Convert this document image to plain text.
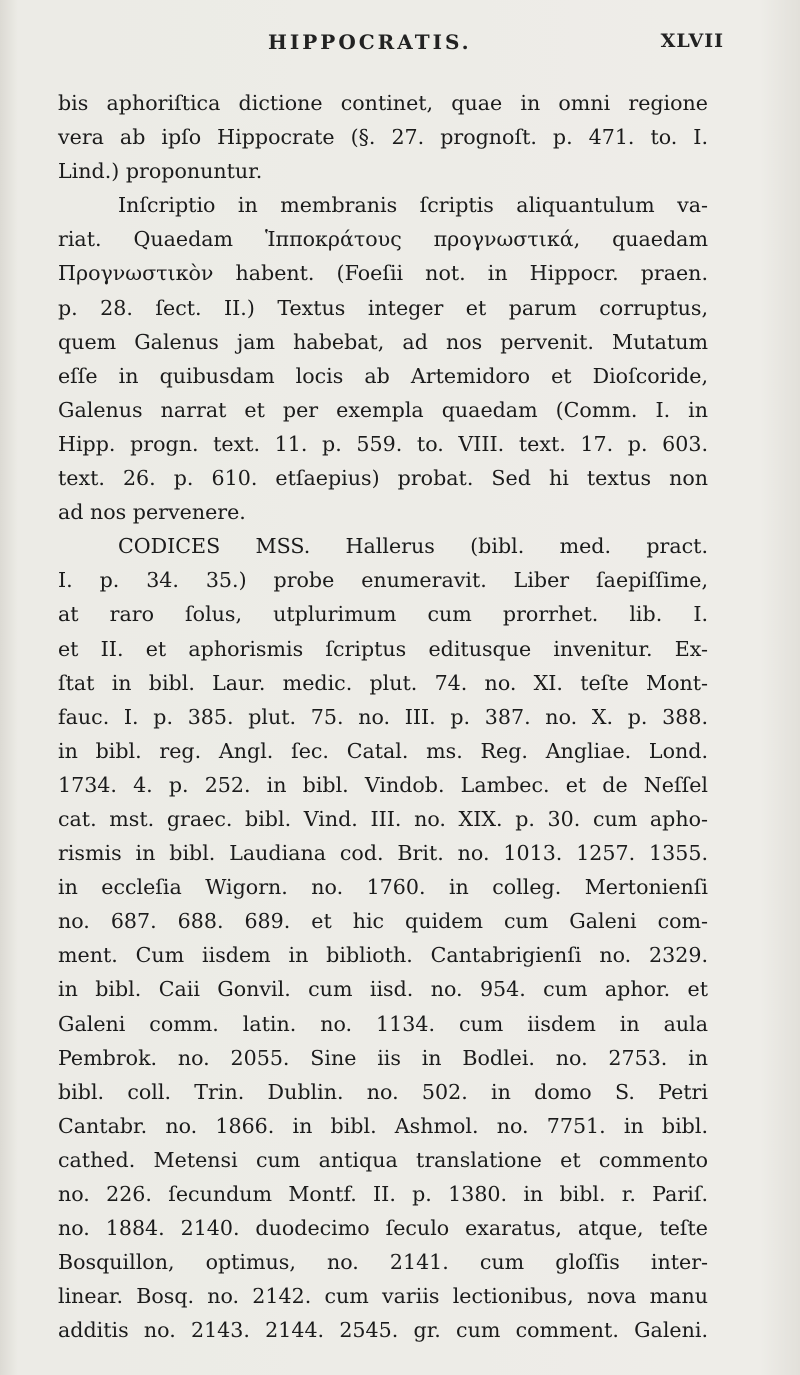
HIPPOCRATIS.	XLVII
bis aphoriſtica dictione continet, quae in omni regione
vera ab ipſo Hippocrate (§. 27. prognoſt. p. 471. to. I.
Lind.) proponuntur.
Inſcriptio in membranis ſcriptis aliquantulum va-
riat. Quaedam Ἱπποκράτους προγνωστικά, quaedam
Προγνωστικὸν habent. (Foeſii not. in Hippocr. praen.
p. 28. ſect. II.) Textus integer et parum corruptus,
quem Galenus jam habebat, ad nos pervenit. Mutatum
eſſe in quibusdam locis ab Artemidoro et Dioſcoride,
Galenus narrat et per exempla quaedam (Comm. I. in
Hipp. progn. text. 11. p. 559. to. VIII. text. 17. p. 603.
text. 26. p. 610. etſaepius) probat. Sed hi textus non
ad nos pervenere.
CODICES MSS. Hallerus (bibl. med. pract.
I. p. 34. 35.) probe enumeravit. Liber ſaepiſſime,
at raro ſolus, utplurimum cum prorrhet. lib. I.
et II. et aphorismis ſcriptus editusque invenitur. Ex-
ſtat in bibl. Laur. medic. plut. 74. no. XI. teſte Mont-
fauc. I. p. 385. plut. 75. no. III. p. 387. no. X. p. 388.
in bibl. reg. Angl. ſec. Catal. ms. Reg. Angliae. Lond.
1734. 4. p. 252. in bibl. Vindob. Lambec. et de Neſſel
cat. mst. graec. bibl. Vind. III. no. XIX. p. 30. cum apho-
rismis in bibl. Laudiana cod. Brit. no. 1013. 1257. 1355.
in eccleſia Wigorn. no. 1760. in colleg. Mertonienſi
no. 687. 688. 689. et hic quidem cum Galeni com-
ment. Cum iisdem in biblioth. Cantabrigienſi no. 2329.
in bibl. Caii Gonvil. cum iisd. no. 954. cum aphor. et
Galeni comm. latin. no. 1134. cum iisdem in aula
Pembrok. no. 2055. Sine iis in Bodlei. no. 2753. in
bibl. coll. Trin. Dublin. no. 502. in domo S. Petri
Cantabr. no. 1866. in bibl. Ashmol. no. 7751. in bibl.
cathed. Metensi cum antiqua translatione et commento
no. 226. ſecundum Montf. II. p. 1380. in bibl. r. Pariſ.
no. 1884. 2140. duodecimo ſeculo exaratus, atque, teſte
Bosquillon, optimus, no. 2141. cum gloſſis inter-
linear. Bosq. no. 2142. cum variis lectionibus, nova manu
additis no. 2143. 2144. 2545. gr. cum comment. Galeni.
